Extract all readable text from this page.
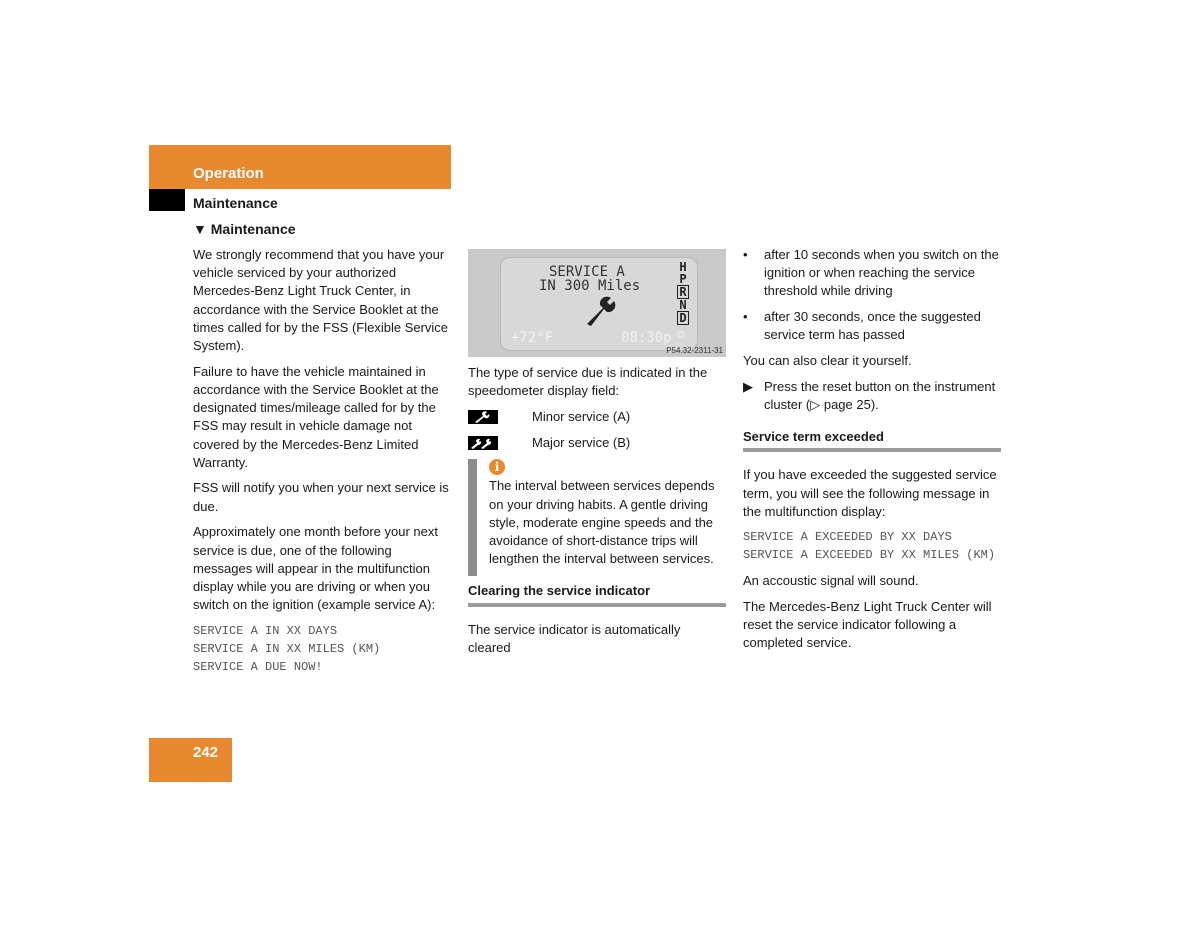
Operation
Maintenance
▼ Maintenance

We strongly recommend that you have your vehicle serviced by your authorized Mercedes-Benz Light Truck Center, in accordance with the Service Booklet at the times called for by the FSS (Flexible Service System).

Failure to have the vehicle maintained in accordance with the Service Booklet at the designated times/mileage called for by the FSS may result in vehicle damage not covered by the Mercedes-Benz Limited Warranty.

FSS will notify you when your next service is due.

Approximately one month before your next service is due, one of the following messages will appear in the multifunction display while you are driving or when you switch on the ignition (example service A):

SERVICE A IN XX DAYS
SERVICE A IN XX MILES (KM)
SERVICE A DUE NOW!
SERVICE A
IN 300 Miles
+72°F	08:30p ⧉
H
P
R
N
D
P54.32-2311-31

The type of service due is indicated in the speedometer display field:

Minor service (A)
Major service (B)
i
The interval between services depends on your driving habits. A gentle driving style, moderate engine speeds and the avoidance of short-distance trips will lengthen the interval between services.
Clearing the service indicator

The service indicator is automatically cleared

• after 10 seconds when you switch on the ignition or when reaching the service threshold while driving
• after 30 seconds, once the suggested service term has passed

You can also clear it yourself.

▶ Press the reset button on the instrument cluster (▷ page 25).
Service term exceeded

If you have exceeded the suggested service term, you will see the following message in the multifunction display:

SERVICE A EXCEEDED BY XX DAYS
SERVICE A EXCEEDED BY XX MILES (KM)

An accoustic signal will sound.

The Mercedes-Benz Light Truck Center will reset the service indicator following a completed service.

242
